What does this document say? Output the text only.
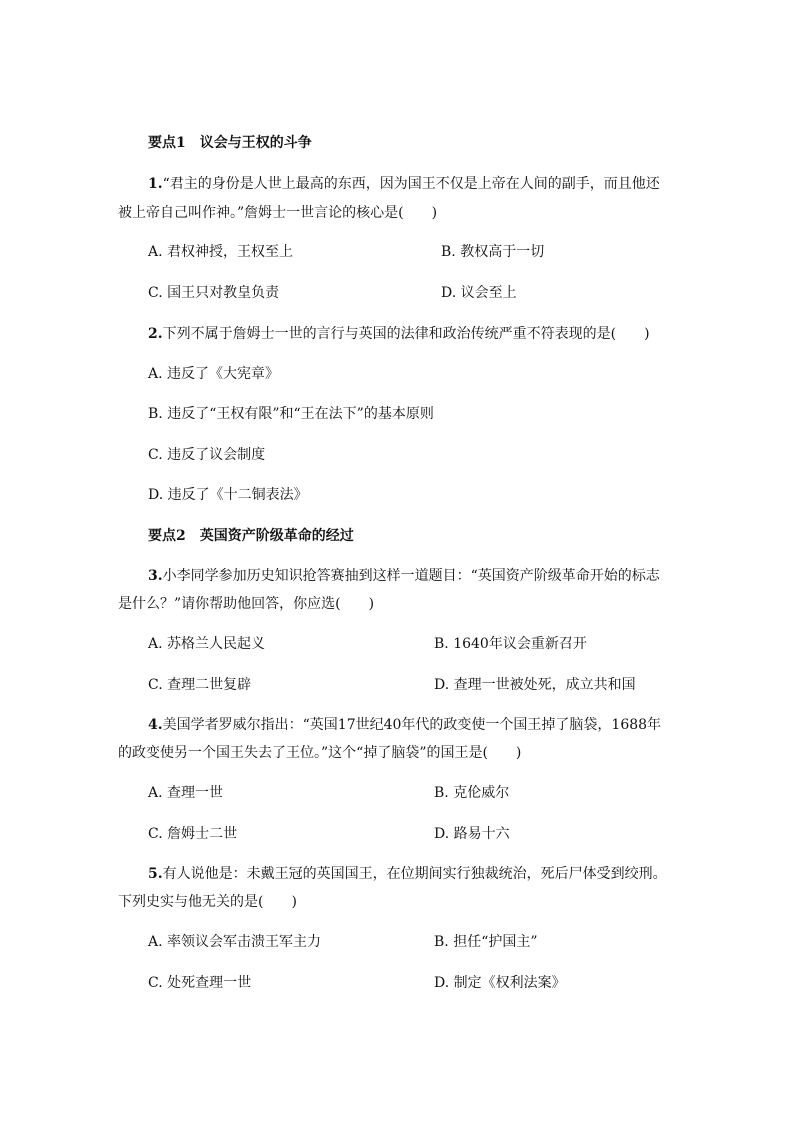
要点1 议会与王权的斗争
1.“君主的身份是人世上最高的东西，因为国王不仅是上帝在人间的副手，而且他还
被上帝自己叫作神。”詹姆士一世言论的核心是(　　)
A. 君权神授，王权至上	B. 教权高于一切
C. 国王只对教皇负责	D. 议会至上
2.下列不属于詹姆士一世的言行与英国的法律和政治传统严重不符表现的是(　　)
A. 违反了《大宪章》
B. 违反了“王权有限”和“王在法下”的基本原则
C. 违反了议会制度
D. 违反了《十二铜表法》
要点2 英国资产阶级革命的经过
3.小李同学参加历史知识抢答赛抽到这样一道题目：“英国资产阶级革命开始的标志
是什么？”请你帮助他回答，你应选(　　)
A. 苏格兰人民起义	B. 1640年议会重新召开
C. 查理二世复辟	D. 查理一世被处死，成立共和国
4.美国学者罗威尔指出：“英国17世纪40年代的政变使一个国王掉了脑袋，1688年
的政变使另一个国王失去了王位。”这个“掉了脑袋”的国王是(　　)
A. 查理一世	B. 克伦威尔
C. 詹姆士二世	D. 路易十六
5.有人说他是：未戴王冠的英国国王，在位期间实行独裁统治，死后尸体受到绞刑。
下列史实与他无关的是(　　)
A. 率领议会军击溃王军主力	B. 担任“护国主”
C. 处死查理一世	D. 制定《权利法案》
